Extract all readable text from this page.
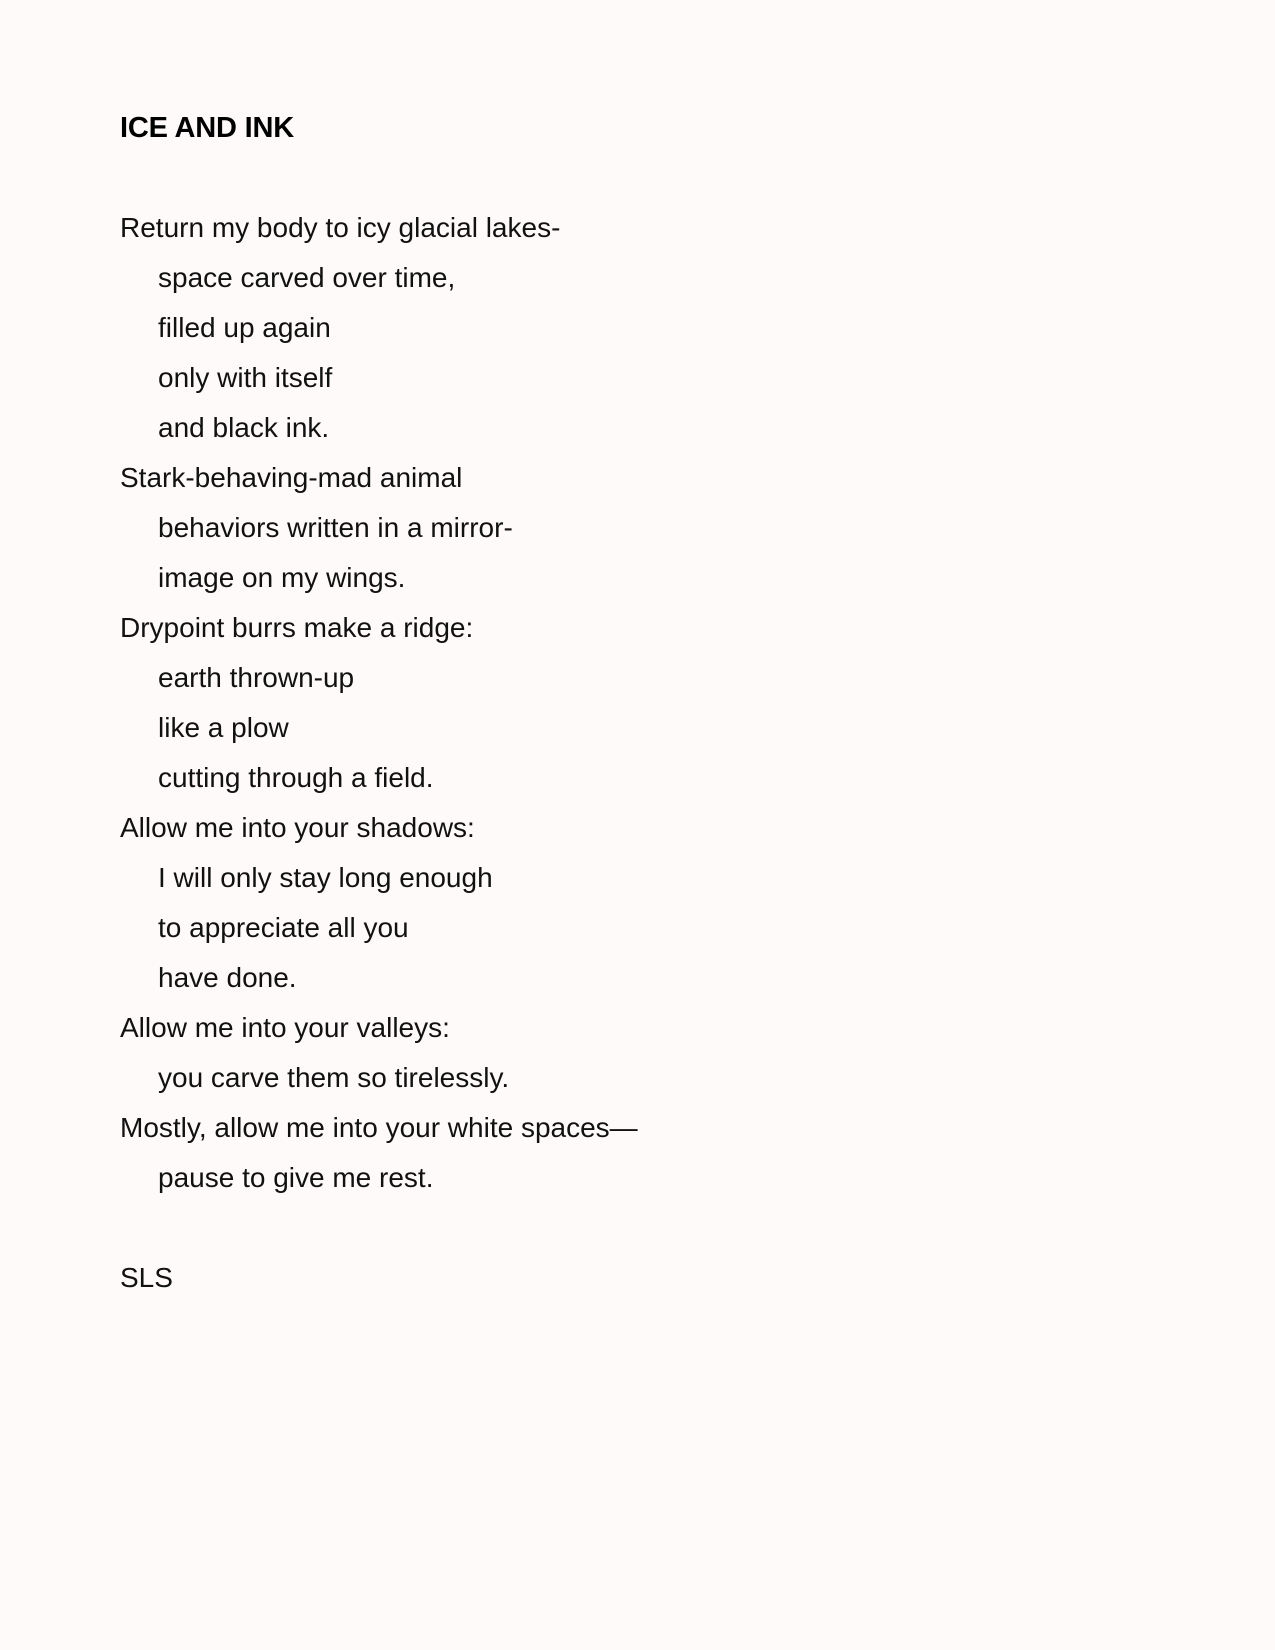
ICE AND INK
Return my body to icy glacial lakes-
space carved over time,
filled up again
only with itself
and black ink.
Stark-behaving-mad animal
behaviors written in a mirror-
image on my wings.
Drypoint burrs make a ridge:
earth thrown-up
like a plow
cutting through a field.
Allow me into your shadows:
I will only stay long enough
to appreciate all you
have done.
Allow me into your valleys:
you carve them so tirelessly.
Mostly, allow me into your white spaces—
pause to give me rest.

SLS
